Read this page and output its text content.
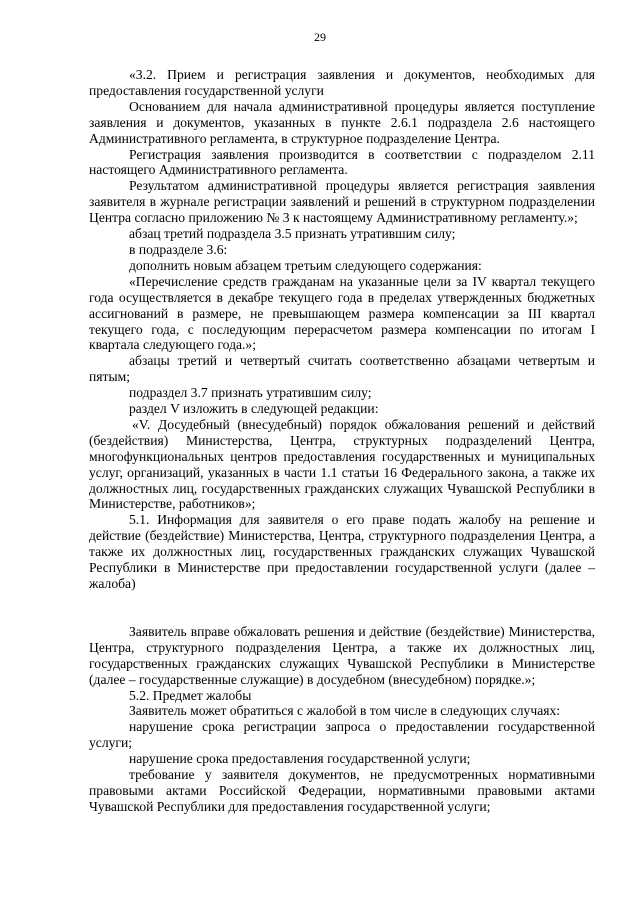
29

«3.2. Прием и регистрация заявления и документов, необходимых для предоставления государственной услуги

Основанием для начала административной процедуры является поступление заявления и документов, указанных в пункте 2.6.1 подраздела 2.6 настоящего Административного регламента, в структурное подразделение Центра.

Регистрация заявления производится в соответствии с подразделом 2.11 настоящего Административного регламента.

Результатом административной процедуры является регистрация заявления заявителя в журнале регистрации заявлений и решений в структурном подразделении Центра согласно приложению № 3 к настоящему Административному регламенту.»;

абзац третий подраздела 3.5 признать утратившим силу;

в подразделе 3.6:

дополнить новым абзацем третьим следующего содержания:

«Перечисление средств гражданам на указанные цели за IV квартал текущего года осуществляется в декабре текущего года в пределах утвержденных бюджетных ассигнований в размере, не превышающем размера компенсации за III квартал текущего года, с последующим перерасчетом размера компенсации по итогам I квартала следующего года.»;

абзацы третий и четвертый считать соответственно абзацами четвертым и пятым;

подраздел 3.7 признать утратившим силу;

раздел V изложить в следующей редакции:

«V. Досудебный (внесудебный) порядок обжалования решений и действий (бездействия) Министерства, Центра, структурных подразделений Центра, многофункциональных центров предоставления государственных и муниципальных услуг, организаций, указанных в части 1.1 статьи 16 Федерального закона, а также их должностных лиц, государственных гражданских служащих Чувашской Республики в Министерстве, работников»;

5.1. Информация для заявителя о его праве подать жалобу на решение и действие (бездействие) Министерства, Центра, структурного подразделения Центра, а также их должностных лиц, государственных гражданских служащих Чувашской Республики в Министерстве при предоставлении государственной услуги (далее – жалоба)

Заявитель вправе обжаловать решения и действие (бездействие) Министерства, Центра, структурного подразделения Центра, а также их должностных лиц, государственных гражданских служащих Чувашской Республики в Министерстве (далее – государственные служащие) в досудебном (внесудебном) порядке.»;

5.2. Предмет жалобы

Заявитель может обратиться с жалобой в том числе в следующих случаях:

нарушение срока регистрации запроса о предоставлении государственной услуги;

нарушение срока предоставления государственной услуги;

требование у заявителя документов, не предусмотренных нормативными правовыми актами Российской Федерации, нормативными правовыми актами Чувашской Республики для предоставления государственной услуги;
